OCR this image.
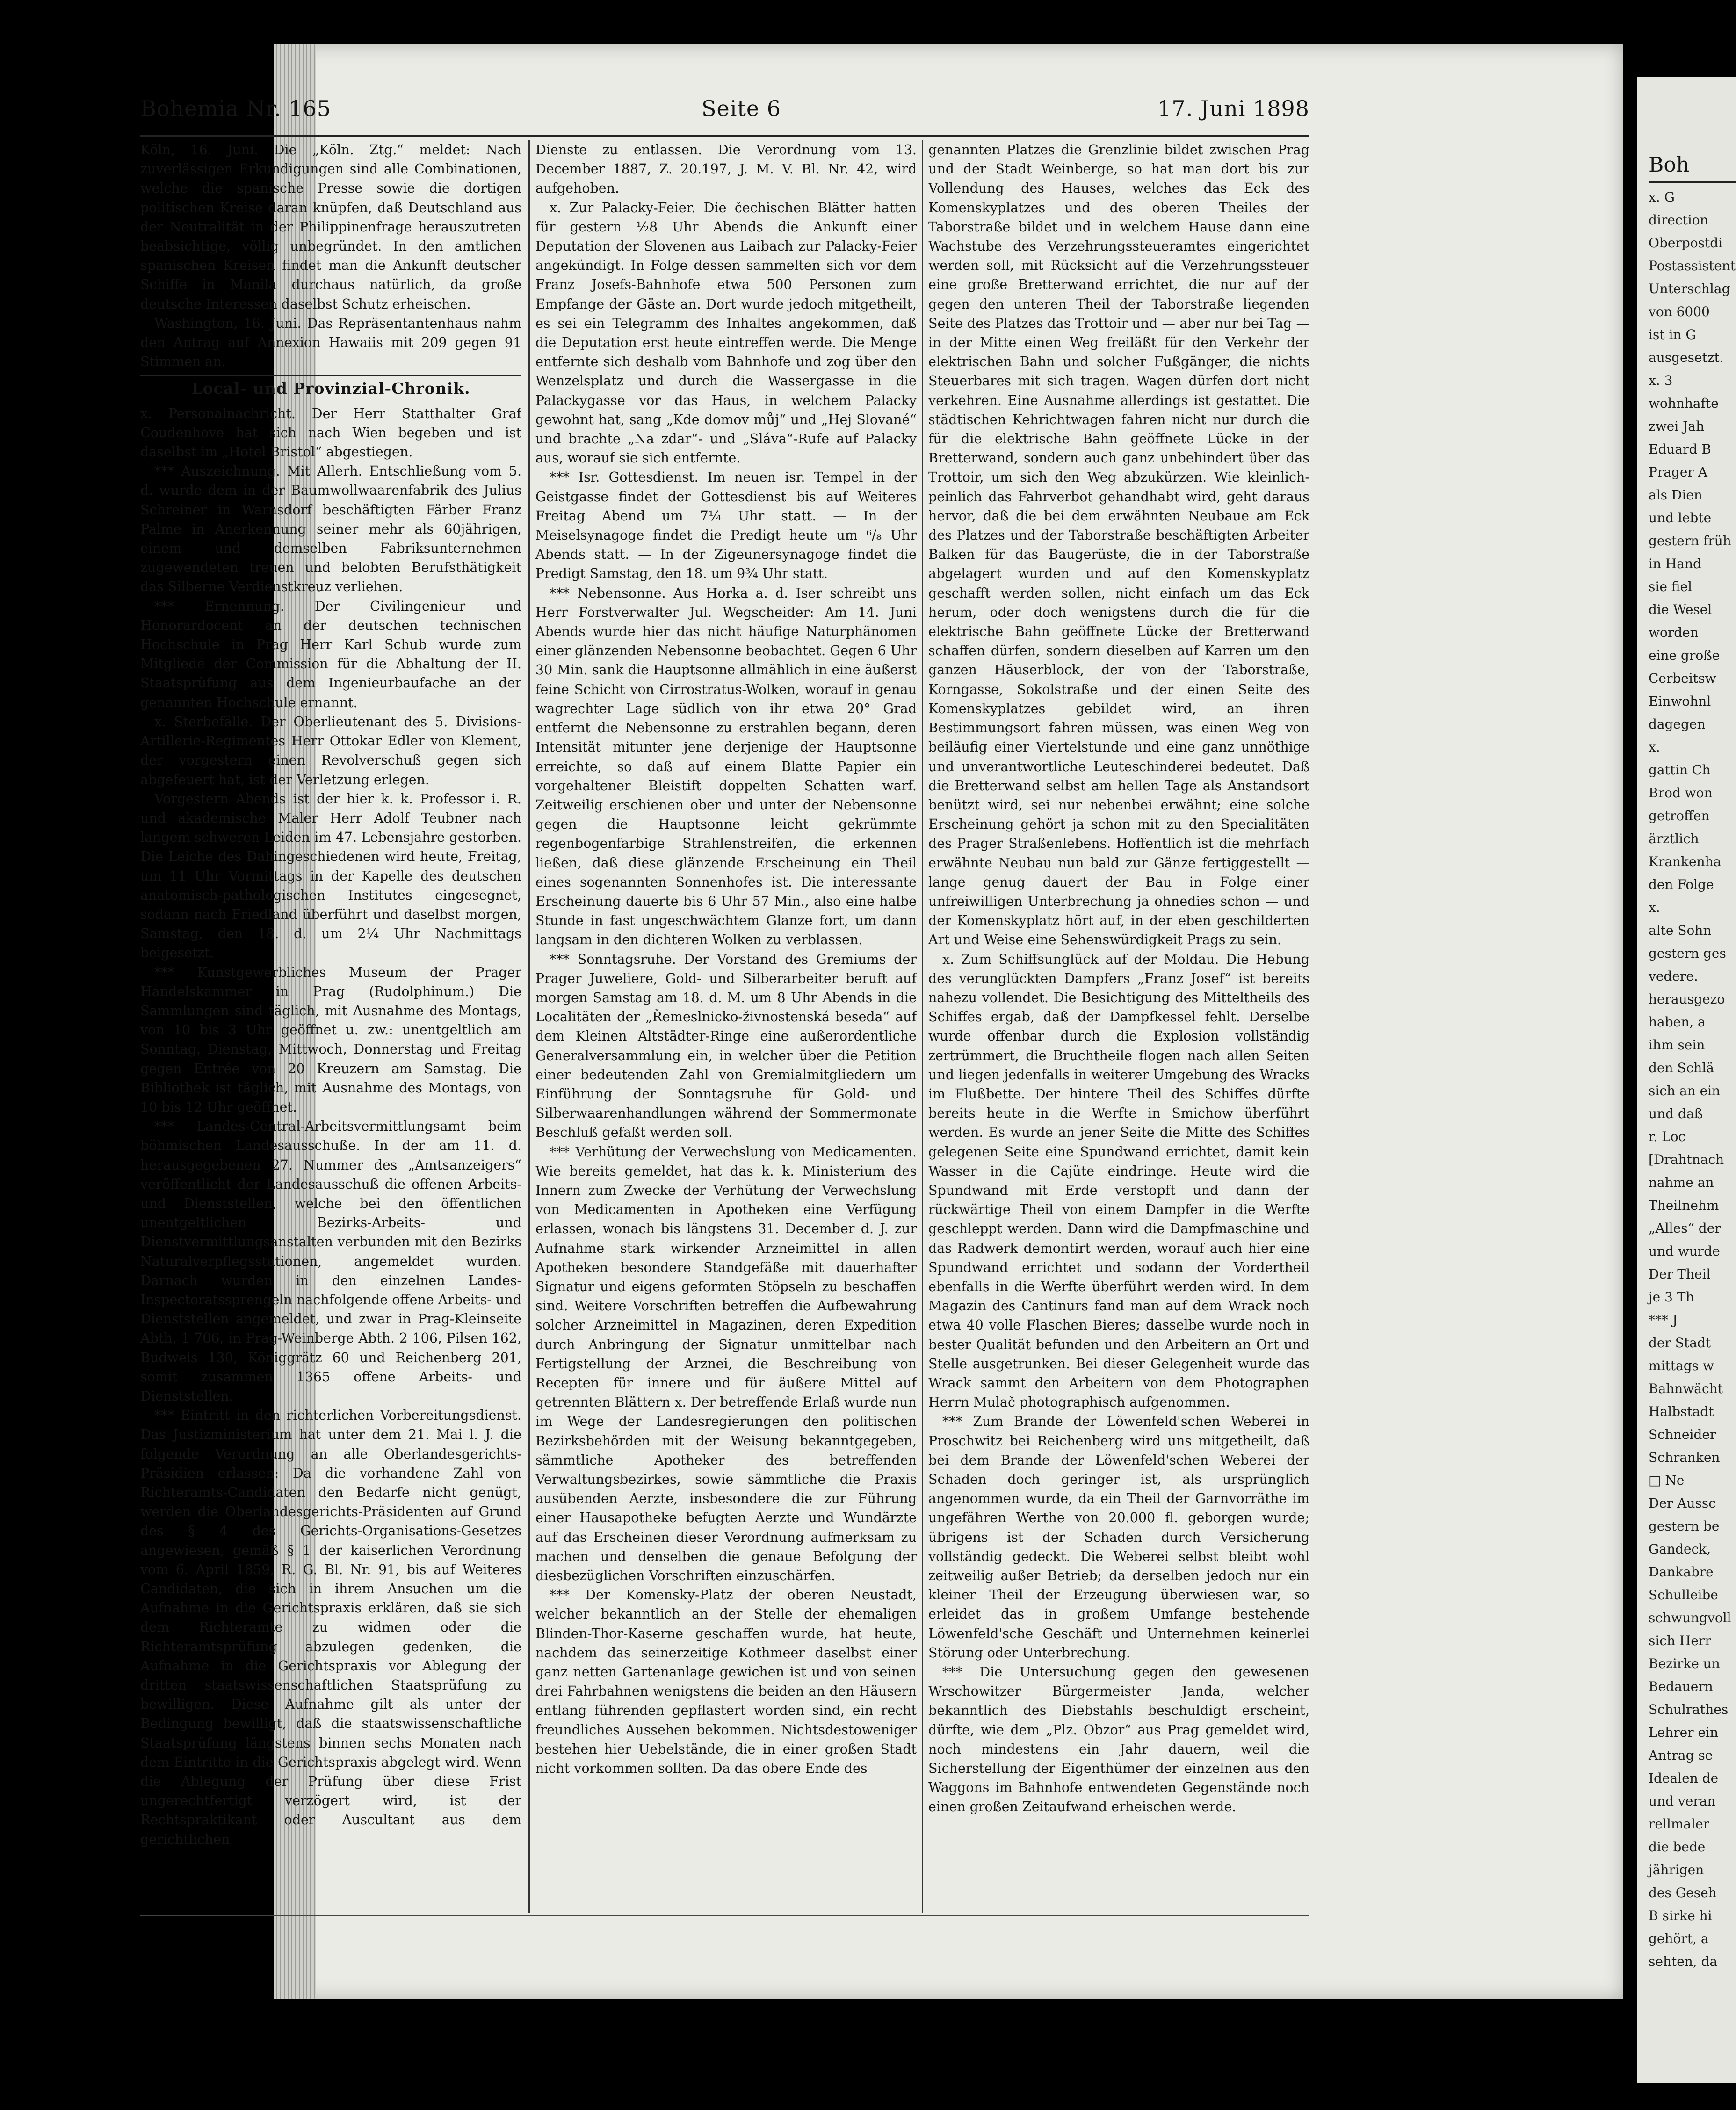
Boh
x. G
direction
Oberpostdi
Postassistent
Unterschlag
von 6000
ist in G
ausgesetzt.
x. 3
wohnhafte
zwei Jah
Eduard B
Prager A
als Dien
und lebte
gestern früh
in Hand
sie fiel
die Wesel
worden
eine große
Cerbeitsw
Einwohnl
dagegen
x.
gattin Ch
Brod won
getroffen
ärztlich
Krankenha
den Folge
x.
alte Sohn
gestern ges
vedere.
herausgezo
haben, a
ihm sein
den Schlä
sich an ein
und daß
r. Loc
[Drahtnach
nahme an
Theilnehm
„Alles“ der
und wurde
Der Theil
je 3 Th
*** J
der Stadt
mittags w
Bahnwächt
Halbstadt
Schneider
Schranken
□ Ne
Der Aussc
gestern be
Gandeck,
Dankabre
Schulleibe
schwungvoll
sich Herr
Bezirke un
Bedauern
Schulrathes
Lehrer ein
Antrag se
Idealen de
und veran
rellmaler
die bede
jährigen
des Geseh
B sirke hi
gehört, a
sehten, da
Bohemia Nr. 165	Seite 6	17. Juni 1898

Köln, 16. Juni. Die „Köln. Ztg.“ meldet: Nach zuverlässigen Erkundigungen sind alle Combinationen, welche die spanische Presse sowie die dortigen politischen Kreise daran knüpfen, daß Deutschland aus der Neutralität in der Philippinenfrage herauszutreten beabsichtige, völlig unbegründet. In den amtlichen spanischen Kreisen findet man die Ankunft deutscher Schiffe in Manila durchaus natürlich, da große deutsche Interessen daselbst Schutz erheischen.

Washington, 16. Juni. Das Repräsentantenhaus nahm den Antrag auf Annexion Hawaiis mit 209 gegen 91 Stimmen an.

Local- und Provinzial-Chronik.

x. Personalnachricht. Der Herr Statthalter Graf Coudenhove hat sich nach Wien begeben und ist daselbst im „Hotel Bristol“ abgestiegen.

*** Auszeichnung. Mit Allerh. Entschließung vom 5. d. wurde dem in der Baumwollwaarenfabrik des Julius Schreiner in Warnsdorf beschäftigten Färber Franz Palme in Anerkennung seiner mehr als 60jährigen, einem und demselben Fabriksunternehmen zugewendeten treuen und belobten Berufsthätigkeit das Silberne Verdienstkreuz verliehen.

*** Ernennung. Der Civilingenieur und Honorardocent an der deutschen technischen Hochschule in Prag Herr Karl Schub wurde zum Mitgliede der Commission für die Abhaltung der II. Staatsprüfung aus dem Ingenieurbaufache an der genannten Hochschule ernannt.

x. Sterbefälle. Der Oberlieutenant des 5. Divisions-Artillerie-Regimentes Herr Ottokar Edler von Klement, der vorgestern einen Revolverschuß gegen sich abgefeuert hat, ist der Verletzung erlegen.

Vorgestern Abends ist der hier k. k. Professor i. R. und akademische Maler Herr Adolf Teubner nach langem schweren Leiden im 47. Lebensjahre gestorben. Die Leiche des Dahingeschiedenen wird heute, Freitag, um 11 Uhr Vormittags in der Kapelle des deutschen anatomisch-pathologischen Institutes eingesegnet, sodann nach Friedland überführt und daselbst morgen, Samstag, den 18. d. um 2¼ Uhr Nachmittags beigesetzt.

*** Kunstgewerbliches Museum der Prager Handelskammer in Prag (Rudolphinum.) Die Sammlungen sind täglich, mit Ausnahme des Montags, von 10 bis 3 Uhr geöffnet u. zw.: unentgeltlich am Sonntag, Dienstag, Mittwoch, Donnerstag und Freitag gegen Entrée von 20 Kreuzern am Samstag. Die Bibliothek ist täglich, mit Ausnahme des Montags, von 10 bis 12 Uhr geöffnet.

*** Landes-Central-Arbeitsvermittlungsamt beim böhmischen Landesausschuße. In der am 11. d. herausgegebenen 27. Nummer des „Amtsanzeigers“ veröffentlicht der Landesausschuß die offenen Arbeits- und Dienststellen, welche bei den öffentlichen unentgeltlichen Bezirks-Arbeits- und Dienstvermittlungsanstalten verbunden mit den Bezirks Naturalverpflegsstationen, angemeldet wurden. Darnach wurden in den einzelnen Landes-Inspectoratssprengeln nachfolgende offene Arbeits- und Dienststellen angemeldet, und zwar in Prag-Kleinseite Abth. 1 706, in Prag-Weinberge Abth. 2 106, Pilsen 162, Budweis 130, Königgrätz 60 und Reichenberg 201, somit zusammen 1365 offene Arbeits- und Dienststellen.

*** Eintritt in den richterlichen Vorbereitungsdienst. Das Justizministerium hat unter dem 21. Mai l. J. die folgende Verordnung an alle Oberlandesgerichts-Präsidien erlassen: Da die vorhandene Zahl von Richteramts-Candidaten den Bedarfe nicht genügt, werden die Oberlandesgerichts-Präsidenten auf Grund des § 4 des Gerichts-Organisations-Gesetzes angewiesen, gemäß § 1 der kaiserlichen Verordnung vom 6. April 1859, R. G. Bl. Nr. 91, bis auf Weiteres Candidaten, die sich in ihrem Ansuchen um die Aufnahme in die Gerichtspraxis erklären, daß sie sich dem Richteramte zu widmen oder die Richteramtsprüfung abzulegen gedenken, die Aufnahme in die Gerichtspraxis vor Ablegung der dritten staatswissenschaftlichen Staatsprüfung zu bewilligen. Diese Aufnahme gilt als unter der Bedingung bewilligt, daß die staatswissenschaftliche Staatsprüfung längstens binnen sechs Monaten nach dem Eintritte in die Gerichtspraxis abgelegt wird. Wenn die Ablegung der Prüfung über diese Frist ungerechtfertigt verzögert wird, ist der Rechtspraktikant oder Auscultant aus dem gerichtlichen

Dienste zu entlassen. Die Verordnung vom 13. December 1887, Z. 20.197, J. M. V. Bl. Nr. 42, wird aufgehoben.

x. Zur Palacky-Feier. Die čechischen Blätter hatten für gestern ½8 Uhr Abends die Ankunft einer Deputation der Slovenen aus Laibach zur Palacky-Feier angekündigt. In Folge dessen sammelten sich vor dem Franz Josefs-Bahnhofe etwa 500 Personen zum Empfange der Gäste an. Dort wurde jedoch mitgetheilt, es sei ein Telegramm des Inhaltes angekommen, daß die Deputation erst heute eintreffen werde. Die Menge entfernte sich deshalb vom Bahnhofe und zog über den Wenzelsplatz und durch die Wassergasse in die Palackygasse vor das Haus, in welchem Palacky gewohnt hat, sang „Kde domov můj“ und „Hej Slované“ und brachte „Na zdar“- und „Sláva“-Rufe auf Palacky aus, worauf sie sich entfernte.

*** Isr. Gottesdienst. Im neuen isr. Tempel in der Geistgasse findet der Gottesdienst bis auf Weiteres Freitag Abend um 7¼ Uhr statt. — In der Meiselsynagoge findet die Predigt heute um ⁶/₈ Uhr Abends statt. — In der Zigeunersynagoge findet die Predigt Samstag, den 18. um 9¾ Uhr statt.

*** Nebensonne. Aus Horka a. d. Iser schreibt uns Herr Forstverwalter Jul. Wegscheider: Am 14. Juni Abends wurde hier das nicht häufige Naturphänomen einer glänzenden Nebensonne beobachtet. Gegen 6 Uhr 30 Min. sank die Hauptsonne allmählich in eine äußerst feine Schicht von Cirrostratus-Wolken, worauf in genau wagrechter Lage südlich von ihr etwa 20° Grad entfernt die Nebensonne zu erstrahlen begann, deren Intensität mitunter jene derjenige der Hauptsonne erreichte, so daß auf einem Blatte Papier ein vorgehaltener Bleistift doppelten Schatten warf. Zeitweilig erschienen ober und unter der Nebensonne gegen die Hauptsonne leicht gekrümmte regenbogenfarbige Strahlenstreifen, die erkennen ließen, daß diese glänzende Erscheinung ein Theil eines sogenannten Sonnenhofes ist. Die interessante Erscheinung dauerte bis 6 Uhr 57 Min., also eine halbe Stunde in fast ungeschwächtem Glanze fort, um dann langsam in den dichteren Wolken zu verblassen.

*** Sonntagsruhe. Der Vorstand des Gremiums der Prager Juweliere, Gold- und Silberarbeiter beruft auf morgen Samstag am 18. d. M. um 8 Uhr Abends in die Localitäten der „Řemeslnicko-živnostenská beseda“ auf dem Kleinen Altstädter-Ringe eine außerordentliche Generalversammlung ein, in welcher über die Petition einer bedeutenden Zahl von Gremialmitgliedern um Einführung der Sonntagsruhe für Gold- und Silberwaarenhandlungen während der Sommermonate Beschluß gefaßt werden soll.

*** Verhütung der Verwechslung von Medicamenten. Wie bereits gemeldet, hat das k. k. Ministerium des Innern zum Zwecke der Verhütung der Verwechslung von Medicamenten in Apotheken eine Verfügung erlassen, wonach bis längstens 31. December d. J. zur Aufnahme stark wirkender Arzneimittel in allen Apotheken besondere Standgefäße mit dauerhafter Signatur und eigens geformten Stöpseln zu beschaffen sind. Weitere Vorschriften betreffen die Aufbewahrung solcher Arzneimittel in Magazinen, deren Expedition durch Anbringung der Signatur unmittelbar nach Fertigstellung der Arznei, die Beschreibung von Recepten für innere und für äußere Mittel auf getrennten Blättern x. Der betreffende Erlaß wurde nun im Wege der Landesregierungen den politischen Bezirksbehörden mit der Weisung bekanntgegeben, sämmtliche Apotheker des betreffenden Verwaltungsbezirkes, sowie sämmtliche die Praxis ausübenden Aerzte, insbesondere die zur Führung einer Hausapotheke befugten Aerzte und Wundärzte auf das Erscheinen dieser Verordnung aufmerksam zu machen und denselben die genaue Befolgung der diesbezüglichen Vorschriften einzuschärfen.

*** Der Komensky-Platz der oberen Neustadt, welcher bekanntlich an der Stelle der ehemaligen Blinden-Thor-Kaserne geschaffen wurde, hat heute, nachdem das seinerzeitige Kothmeer daselbst einer ganz netten Gartenanlage gewichen ist und von seinen drei Fahrbahnen wenigstens die beiden an den Häusern entlang führenden gepflastert worden sind, ein recht freundliches Aussehen bekommen. Nichtsdestoweniger bestehen hier Uebelstände, die in einer großen Stadt nicht vorkommen sollten. Da das obere Ende des

genannten Platzes die Grenzlinie bildet zwischen Prag und der Stadt Weinberge, so hat man dort bis zur Vollendung des Hauses, welches das Eck des Komenskyplatzes und des oberen Theiles der Taborstraße bildet und in welchem Hause dann eine Wachstube des Verzehrungssteueramtes eingerichtet werden soll, mit Rücksicht auf die Verzehrungssteuer eine große Bretterwand errichtet, die nur auf der gegen den unteren Theil der Taborstraße liegenden Seite des Platzes das Trottoir und — aber nur bei Tag — in der Mitte einen Weg freiläßt für den Verkehr der elektrischen Bahn und solcher Fußgänger, die nichts Steuerbares mit sich tragen. Wagen dürfen dort nicht verkehren. Eine Ausnahme allerdings ist gestattet. Die städtischen Kehrichtwagen fahren nicht nur durch die für die elektrische Bahn geöffnete Lücke in der Bretterwand, sondern auch ganz unbehindert über das Trottoir, um sich den Weg abzukürzen. Wie kleinlich-peinlich das Fahrverbot gehandhabt wird, geht daraus hervor, daß die bei dem erwähnten Neubaue am Eck des Platzes und der Taborstraße beschäftigten Arbeiter Balken für das Baugerüste, die in der Taborstraße abgelagert wurden und auf den Komenskyplatz geschafft werden sollen, nicht einfach um das Eck herum, oder doch wenigstens durch die für die elektrische Bahn geöffnete Lücke der Bretterwand schaffen dürfen, sondern dieselben auf Karren um den ganzen Häuserblock, der von der Taborstraße, Korngasse, Sokolstraße und der einen Seite des Komenskyplatzes gebildet wird, an ihren Bestimmungsort fahren müssen, was einen Weg von beiläufig einer Viertelstunde und eine ganz unnöthige und unverantwortliche Leuteschinderei bedeutet. Daß die Bretterwand selbst am hellen Tage als Anstandsort benützt wird, sei nur nebenbei erwähnt; eine solche Erscheinung gehört ja schon mit zu den Specialitäten des Prager Straßenlebens. Hoffentlich ist die mehrfach erwähnte Neubau nun bald zur Gänze fertiggestellt — lange genug dauert der Bau in Folge einer unfreiwilligen Unterbrechung ja ohnedies schon — und der Komenskyplatz hört auf, in der eben geschilderten Art und Weise eine Sehenswürdigkeit Prags zu sein.

x. Zum Schiffsunglück auf der Moldau. Die Hebung des verunglückten Dampfers „Franz Josef“ ist bereits nahezu vollendet. Die Besichtigung des Mitteltheils des Schiffes ergab, daß der Dampfkessel fehlt. Derselbe wurde offenbar durch die Explosion vollständig zertrümmert, die Bruchtheile flogen nach allen Seiten und liegen jedenfalls in weiterer Umgebung des Wracks im Flußbette. Der hintere Theil des Schiffes dürfte bereits heute in die Werfte in Smichow überführt werden. Es wurde an jener Seite die Mitte des Schiffes gelegenen Seite eine Spundwand errichtet, damit kein Wasser in die Cajüte eindringe. Heute wird die Spundwand mit Erde verstopft und dann der rückwärtige Theil von einem Dampfer in die Werfte geschleppt werden. Dann wird die Dampfmaschine und das Radwerk demontirt werden, worauf auch hier eine Spundwand errichtet und sodann der Vordertheil ebenfalls in die Werfte überführt werden wird. In dem Magazin des Cantinurs fand man auf dem Wrack noch etwa 40 volle Flaschen Bieres; dasselbe wurde noch in bester Qualität befunden und den Arbeitern an Ort und Stelle ausgetrunken. Bei dieser Gelegenheit wurde das Wrack sammt den Arbeitern von dem Photographen Herrn Mulač photographisch aufgenommen.

*** Zum Brande der Löwenfeld'schen Weberei in Proschwitz bei Reichenberg wird uns mitgetheilt, daß bei dem Brande der Löwenfeld'schen Weberei der Schaden doch geringer ist, als ursprünglich angenommen wurde, da ein Theil der Garnvorräthe im ungefähren Werthe von 20.000 fl. geborgen wurde; übrigens ist der Schaden durch Versicherung vollständig gedeckt. Die Weberei selbst bleibt wohl zeitweilig außer Betrieb; da derselben jedoch nur ein kleiner Theil der Erzeugung überwiesen war, so erleidet das in großem Umfange bestehende Löwenfeld'sche Geschäft und Unternehmen keinerlei Störung oder Unterbrechung.

*** Die Untersuchung gegen den gewesenen Wrschowitzer Bürgermeister Janda, welcher bekanntlich des Diebstahls beschuldigt erscheint, dürfte, wie dem „Plz. Obzor“ aus Prag gemeldet wird, noch mindestens ein Jahr dauern, weil die Sicherstellung der Eigenthümer der einzelnen aus den Waggons im Bahnhofe entwendeten Gegenstände noch einen großen Zeitaufwand erheischen werde.
